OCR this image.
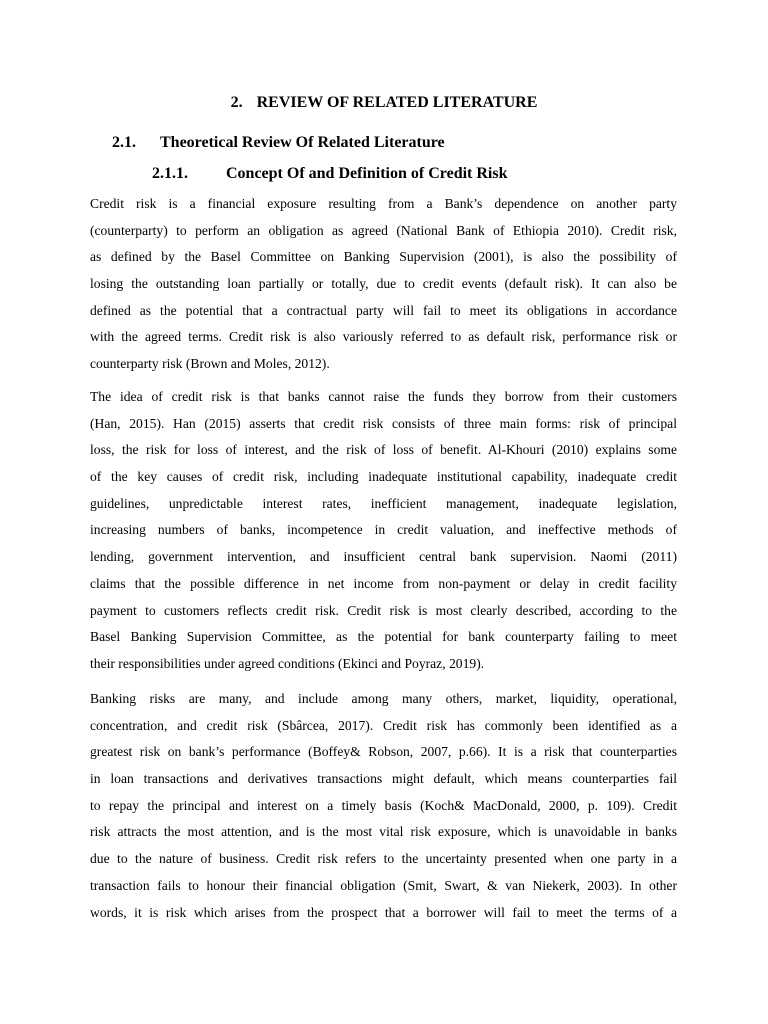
2. REVIEW OF RELATED LITERATURE
2.1. Theoretical Review Of Related Literature
2.1.1. Concept Of and Definition of Credit Risk
Credit risk is a financial exposure resulting from a Bank’s dependence on another party
(counterparty) to perform an obligation as agreed (National Bank of Ethiopia 2010). Credit risk,
as defined by the Basel Committee on Banking Supervision (2001), is also the possibility of
losing the outstanding loan partially or totally, due to credit events (default risk). It can also be
defined as the potential that a contractual party will fail to meet its obligations in accordance
with the agreed terms. Credit risk is also variously referred to as default risk, performance risk or
counterparty risk (Brown and Moles, 2012).
The idea of credit risk is that banks cannot raise the funds they borrow from their customers
(Han, 2015). Han (2015) asserts that credit risk consists of three main forms: risk of principal
loss, the risk for loss of interest, and the risk of loss of benefit. Al-Khouri (2010) explains some
of the key causes of credit risk, including inadequate institutional capability, inadequate credit
guidelines, unpredictable interest rates, inefficient management, inadequate legislation,
increasing numbers of banks, incompetence in credit valuation, and ineffective methods of
lending, government intervention, and insufficient central bank supervision. Naomi (2011)
claims that the possible difference in net income from non-payment or delay in credit facility
payment to customers reflects credit risk. Credit risk is most clearly described, according to the
Basel Banking Supervision Committee, as the potential for bank counterparty failing to meet
their responsibilities under agreed conditions (Ekinci and Poyraz, 2019).
Banking risks are many, and include among many others, market, liquidity, operational,
concentration, and credit risk (Sbârcea, 2017). Credit risk has commonly been identified as a
greatest risk on bank’s performance (Boffey& Robson, 2007, p.66). It is a risk that counterparties
in loan transactions and derivatives transactions might default, which means counterparties fail
to repay the principal and interest on a timely basis (Koch& MacDonald, 2000, p. 109). Credit
risk attracts the most attention, and is the most vital risk exposure, which is unavoidable in banks
due to the nature of business. Credit risk refers to the uncertainty presented when one party in a
transaction fails to honour their financial obligation (Smit, Swart, & van Niekerk, 2003). In other
words, it is risk which arises from the prospect that a borrower will fail to meet the terms of a
